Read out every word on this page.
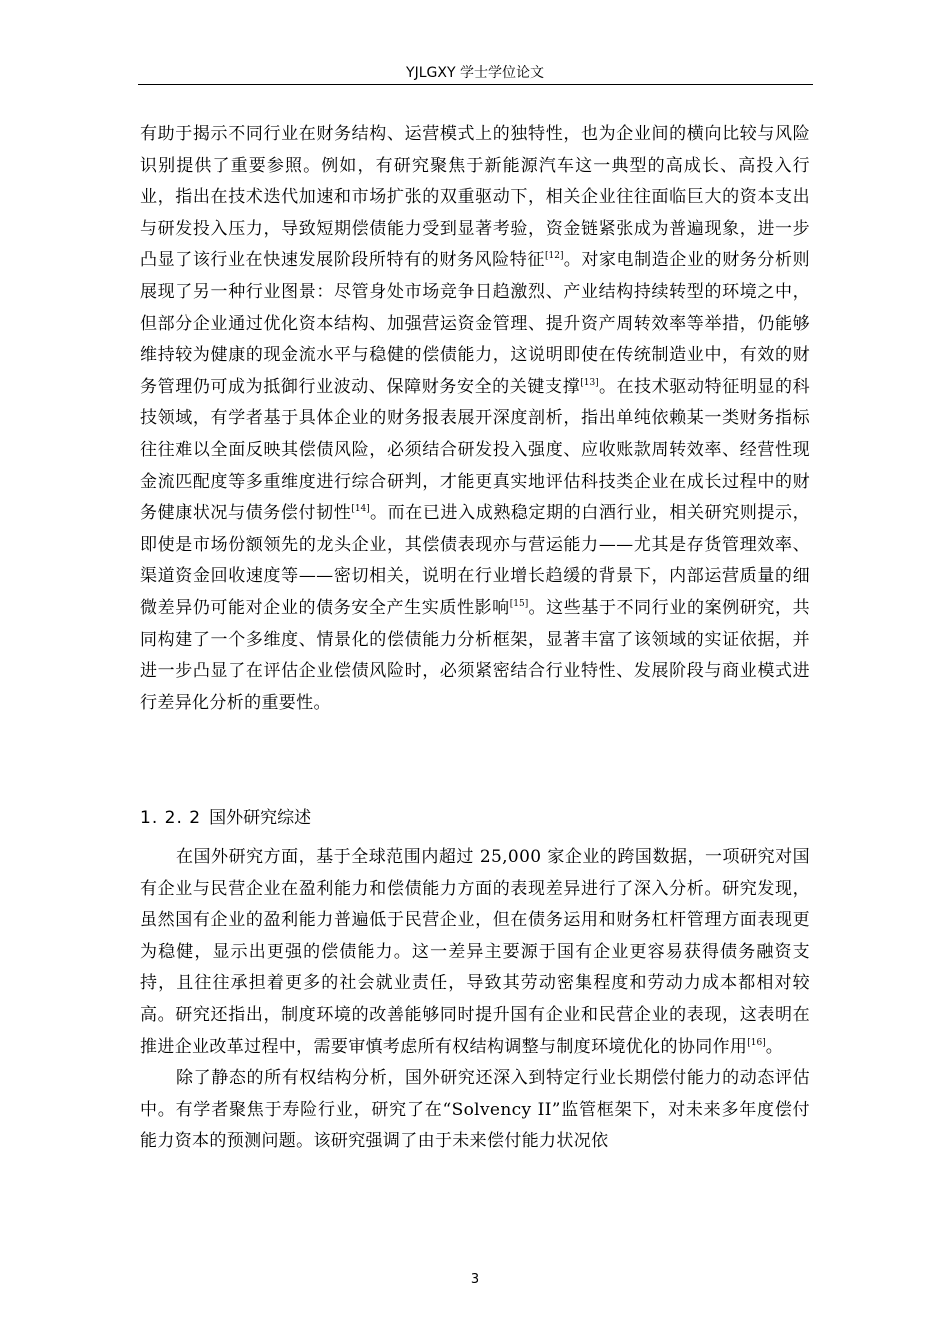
YJLGXY 学士学位论文

有助于揭示不同行业在财务结构、运营模式上的独特性，也为企业间的横向比较与风险识别提供了重要参照。例如，有研究聚焦于新能源汽车这一典型的高成长、高投入行业，指出在技术迭代加速和市场扩张的双重驱动下，相关企业往往面临巨大的资本支出与研发投入压力，导致短期偿债能力受到显著考验，资金链紧张成为普遍现象，进一步凸显了该行业在快速发展阶段所特有的财务风险特征[12]。对家电制造企业的财务分析则展现了另一种行业图景：尽管身处市场竞争日趋激烈、产业结构持续转型的环境之中，但部分企业通过优化资本结构、加强营运资金管理、提升资产周转效率等举措，仍能够维持较为健康的现金流水平与稳健的偿债能力，这说明即使在传统制造业中，有效的财务管理仍可成为抵御行业波动、保障财务安全的关键支撑[13]。在技术驱动特征明显的科技领域，有学者基于具体企业的财务报表展开深度剖析，指出单纯依赖某一类财务指标往往难以全面反映其偿债风险，必须结合研发投入强度、应收账款周转效率、经营性现金流匹配度等多重维度进行综合研判，才能更真实地评估科技类企业在成长过程中的财务健康状况与债务偿付韧性[14]。而在已进入成熟稳定期的白酒行业，相关研究则提示，即使是市场份额领先的龙头企业，其偿债表现亦与营运能力——尤其是存货管理效率、渠道资金回收速度等——密切相关，说明在行业增长趋缓的背景下，内部运营质量的细微差异仍可能对企业的债务安全产生实质性影响[15]。这些基于不同行业的案例研究，共同构建了一个多维度、情景化的偿债能力分析框架，显著丰富了该领域的实证依据，并进一步凸显了在评估企业偿债风险时，必须紧密结合行业特性、发展阶段与商业模式进行差异化分析的重要性。

1. 2. 2 国外研究综述

在国外研究方面，基于全球范围内超过 25,000 家企业的跨国数据，一项研究对国有企业与民营企业在盈利能力和偿债能力方面的表现差异进行了深入分析。研究发现，虽然国有企业的盈利能力普遍低于民营企业，但在债务运用和财务杠杆管理方面表现更为稳健，显示出更强的偿债能力。这一差异主要源于国有企业更容易获得债务融资支持，且往往承担着更多的社会就业责任，导致其劳动密集程度和劳动力成本都相对较高。研究还指出，制度环境的改善能够同时提升国有企业和民营企业的表现，这表明在推进企业改革过程中，需要审慎考虑所有权结构调整与制度环境优化的协同作用[16]。

除了静态的所有权结构分析，国外研究还深入到特定行业长期偿付能力的动态评估中。有学者聚焦于寿险行业，研究了在“Solvency II”监管框架下，对未来多年度偿付能力资本的预测问题。该研究强调了由于未来偿付能力状况依

3
